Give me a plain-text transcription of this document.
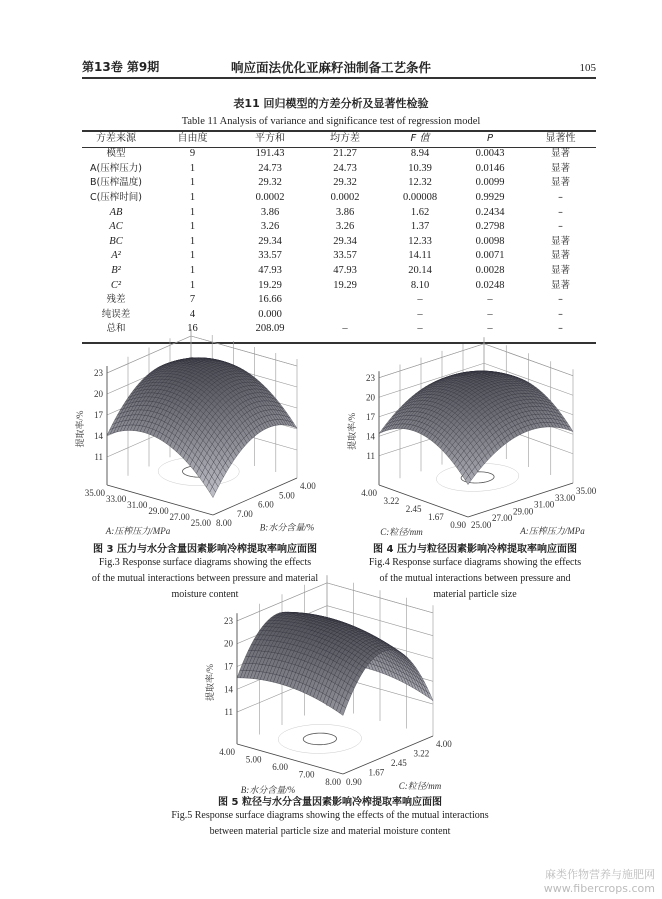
第13卷 第9期	响应面法优化亚麻籽油制备工艺条件	105
表11 回归模型的方差分析及显著性检验
Table 11 Analysis of variance and significance test of regression model
方差来源	自由度	平方和	均方差	F 值	P	显著性
模型	9	191.43	21.27	8.94	0.0043	显著
A(压榨压力)	1	24.73	24.73	10.39	0.0146	显著
B(压榨温度)	1	29.32	29.32	12.32	0.0099	显著
C(压榨时间)	1	0.0002	0.0002	0.00008	0.9929	–
AB	1	3.86	3.86	1.62	0.2434	–
AC	1	3.26	3.26	1.37	0.2798	–
BC	1	29.34	29.34	12.33	0.0098	显著
A²	1	33.57	33.57	14.11	0.0071	显著
B²	1	47.93	47.93	20.14	0.0028	显著
C²	1	19.29	19.29	8.10	0.0248	显著
残差	7	16.66		–	–	–
纯误差	4	0.000		–	–	–
总和	16	208.09	–	–	–	–
11
14
17
20
23
25.00
27.00
29.00
31.00
33.00
35.00
8.00
7.00
6.00
5.00
4.00
A:压榨压力/MPa	B:水分含量/%
提取率/%
图 3 压力与水分含量因素影响冷榨提取率响应面图
Fig.3 Response surface diagrams showing the effects
of the mutual interactions between pressure and material
moisture content
11
14
17
20
23
0.90
1.67
2.45
3.22
4.00
25.00
27.00
29.00
31.00
33.00
35.00
C:粒径/mm	A:压榨压力/MPa
提取率/%
图 4 压力与粒径因素影响冷榨提取率响应面图
Fig.4 Response surface diagrams showing the effects
of the mutual interactions between pressure and
material particle size
11
14
17
20
23
8.00
7.00
6.00
5.00
4.00
0.90
1.67
2.45
3.22
4.00
B:水分含量/%	C:粒径/mm
提取率/%
图 5 粒径与水分含量因素影响冷榨提取率响应面图
Fig.5 Response surface diagrams showing the effects of the mutual interactions
between material particle size and material moisture content
麻类作物营养与施肥网
www.fibercrops.com
